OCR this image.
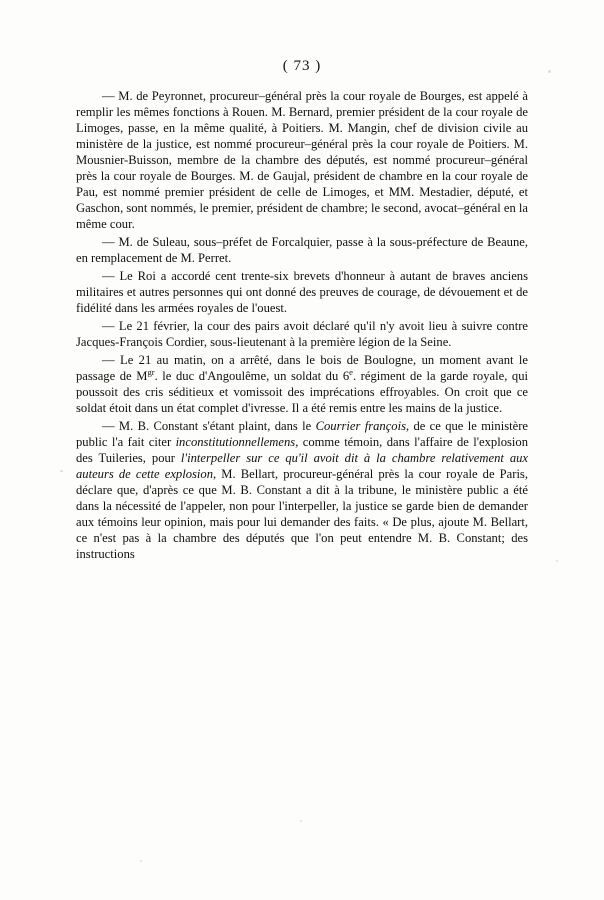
( 73 )

— M. de Peyronnet, procureur–général près la cour royale de Bourges, est appelé à remplir les mêmes fonctions à Rouen. M. Bernard, premier président de la cour royale de Limoges, passe, en la même qualité, à Poitiers. M. Mangin, chef de division civile au ministère de la justice, est nommé procureur–général près la cour royale de Poitiers. M. Mousnier-Buisson, membre de la chambre des députés, est nommé procureur–général près la cour royale de Bourges. M. de Gaujal, président de chambre en la cour royale de Pau, est nommé premier président de celle de Limoges, et MM. Mestadier, député, et Gaschon, sont nommés, le premier, président de chambre; le second, avocat–général en la même cour.

— M. de Suleau, sous–préfet de Forcalquier, passe à la sous-préfecture de Beaune, en remplacement de M. Perret.

— Le Roi a accordé cent trente-six brevets d'honneur à autant de braves anciens militaires et autres personnes qui ont donné des preuves de courage, de dévouement et de fidélité dans les armées royales de l'ouest.

— Le 21 février, la cour des pairs avoit déclaré qu'il n'y avoit lieu à suivre contre Jacques-François Cordier, sous-lieutenant à la première légion de la Seine.

— Le 21 au matin, on a arrêté, dans le bois de Boulogne, un moment avant le passage de $M^{gr}$. le duc d'Angoulême, un soldat du 6e. régiment de la garde royale, qui poussoit des cris séditieux et vomissoit des imprécations effroyables. On croit que ce soldat étoit dans un état complet d'ivresse. Il a été remis entre les mains de la justice.

— M. B. Constant s'étant plaint, dans le Courrier françois, de ce que le ministère public l'a fait citer inconstitutionnellemens, comme témoin, dans l'affaire de l'explosion des Tuileries, pour l'interpeller sur ce qu'il avoit dit à la chambre relativement aux auteurs de cette explosion, M. Bellart, procureur-général près la cour royale de Paris, déclare que, d'après ce que M. B. Constant a dit à la tribune, le ministère public a été dans la nécessité de l'appeler, non pour l'interpeller, la justice se garde bien de demander aux témoins leur opinion, mais pour lui demander des faits. « De plus, ajoute M. Bellart, ce n'est pas à la chambre des députés que l'on peut entendre M. B. Constant; des instructions
